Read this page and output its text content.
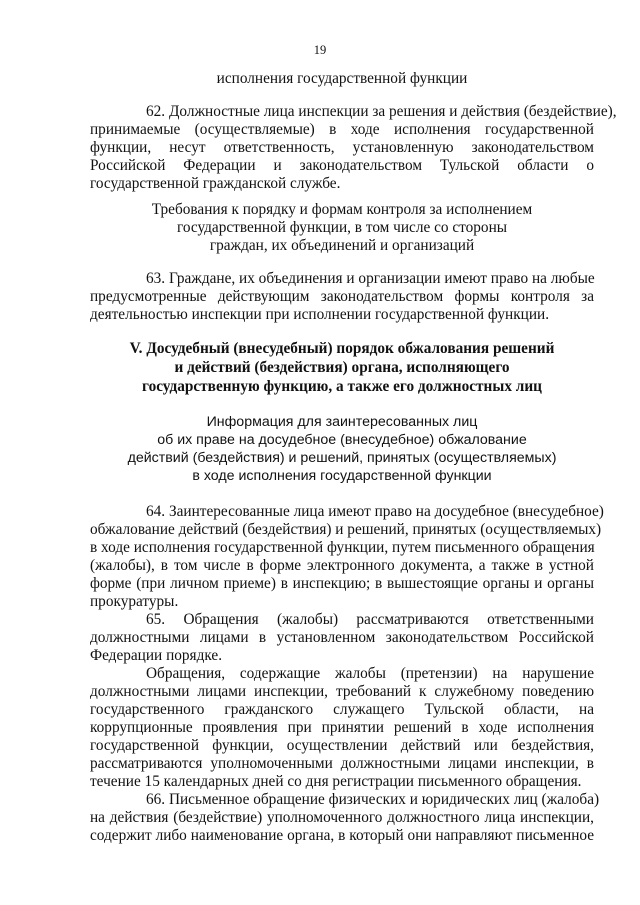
19
исполнения государственной функции
62. Должностные лица инспекции за решения и действия (бездействие),
принимаемые (осуществляемые) в ходе исполнения государственной
функции, несут ответственность, установленную законодательством
Российской Федерации и законодательством Тульской области о
государственной гражданской службе.
Требования к порядку и формам контроля за исполнением
государственной функции, в том числе со стороны
граждан, их объединений и организаций
63. Граждане, их объединения и организации имеют право на любые
предусмотренные действующим законодательством формы контроля за
деятельностью инспекции при исполнении государственной функции.
V. Досудебный (внесудебный) порядок обжалования решений
и действий (бездействия) органа, исполняющего
государственную функцию, а также его должностных лиц
Информация для заинтересованных лиц
об их праве на досудебное (внесудебное) обжалование
действий (бездействия) и решений, принятых (осуществляемых)
в ходе исполнения государственной функции
64. Заинтересованные лица имеют право на досудебное (внесудебное)
обжалование действий (бездействия) и решений, принятых (осуществляемых)
в ходе исполнения государственной функции, путем письменного обращения
(жалобы), в том числе в форме электронного документа, а также в устной
форме (при личном приеме) в инспекцию; в вышестоящие органы и органы
прокуратуры.
65. Обращения (жалобы) рассматриваются ответственными
должностными лицами в установленном законодательством Российской
Федерации порядке.
Обращения, содержащие жалобы (претензии) на нарушение
должностными лицами инспекции, требований к служебному поведению
государственного гражданского служащего Тульской области, на
коррупционные проявления при принятии решений в ходе исполнения
государственной функции, осуществлении действий или бездействия,
рассматриваются уполномоченными должностными лицами инспекции, в
течение 15 календарных дней со дня регистрации письменного обращения.
66. Письменное обращение физических и юридических лиц (жалоба)
на действия (бездействие) уполномоченного должностного лица инспекции,
содержит либо наименование органа, в который они направляют письменное
